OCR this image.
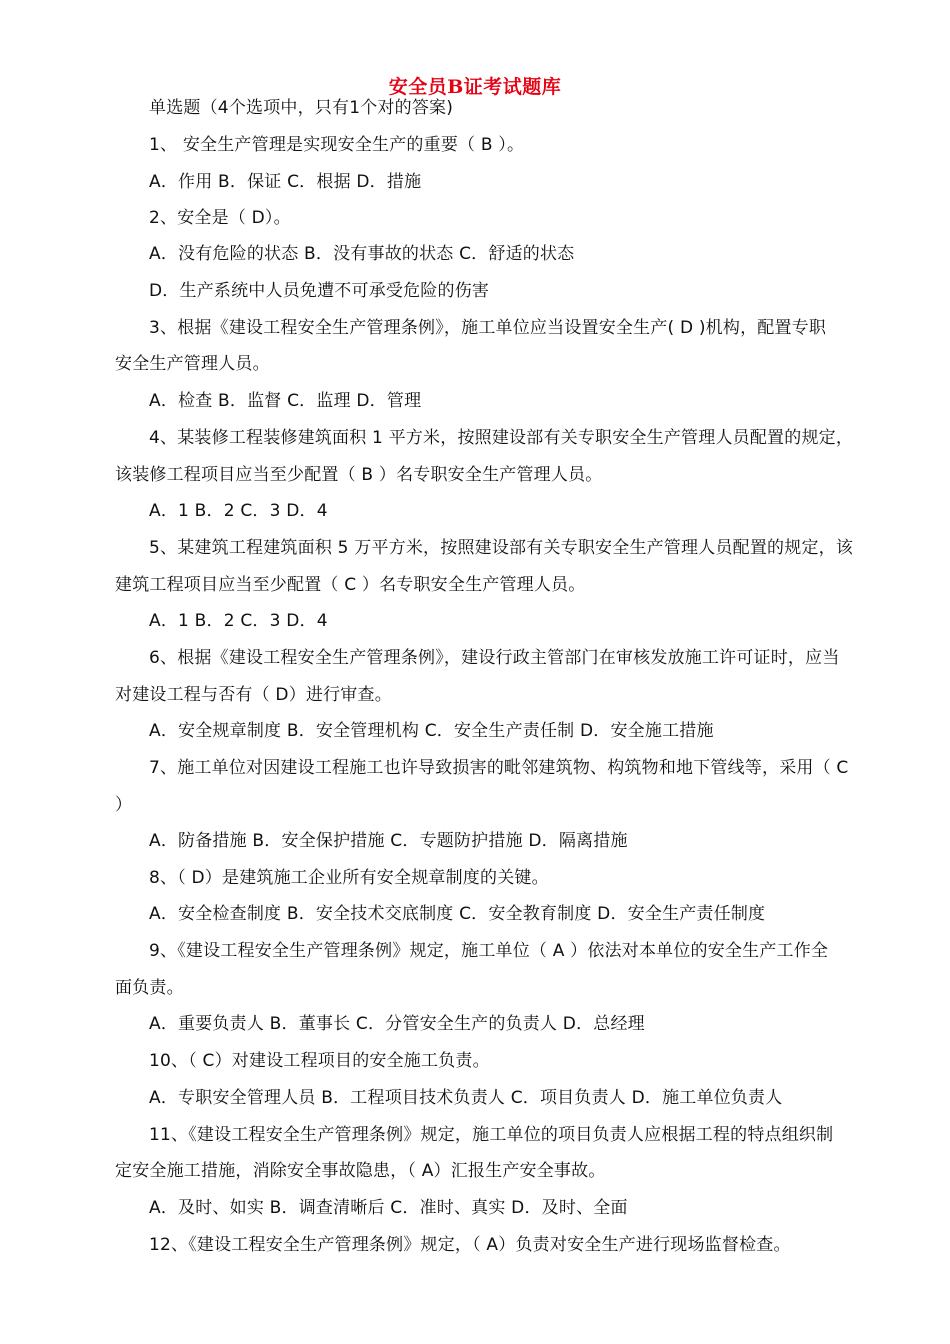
安全员B证考试题库
单选题（4个选项中，只有1个对的答案)
1、 安全生产管理是实现安全生产的重要（ B ）。
A．作用 B．保证 C．根据 D．措施
2、安全是（ D）。
A．没有危险的状态 B．没有事故的状态 C．舒适的状态
D．生产系统中人员免遭不可承受危险的伤害
3、根据《建设工程安全生产管理条例》，施工单位应当设置安全生产( D )机构，配置专职
安全生产管理人员。
A．检查 B．监督 C．监理 D．管理
4、某装修工程装修建筑面积 1 平方米，按照建设部有关专职安全生产管理人员配置的规定，
该装修工程项目应当至少配置（ B ）名专职安全生产管理人员。
A．1 B．2 C．3 D．4
5、某建筑工程建筑面积 5 万平方米，按照建设部有关专职安全生产管理人员配置的规定，该
建筑工程项目应当至少配置（ C ）名专职安全生产管理人员。
A．1 B．2 C．3 D．4
6、根据《建设工程安全生产管理条例》，建设行政主管部门在审核发放施工许可证时，应当
对建设工程与否有（ D）进行审查。
A．安全规章制度 B．安全管理机构 C．安全生产责任制 D．安全施工措施
7、施工单位对因建设工程施工也许导致损害的毗邻建筑物、构筑物和地下管线等，采用（ C
）
A．防备措施 B．安全保护措施 C．专题防护措施 D．隔离措施
8、（ D）是建筑施工企业所有安全规章制度的关键。
A．安全检查制度 B．安全技术交底制度 C．安全教育制度 D．安全生产责任制度
9、《建设工程安全生产管理条例》规定，施工单位（ A ）依法对本单位的安全生产工作全
面负责。
A．重要负责人 B．董事长 C．分管安全生产的负责人 D．总经理
10、（ C）对建设工程项目的安全施工负责。
A．专职安全管理人员 B．工程项目技术负责人 C．项目负责人 D．施工单位负责人
11、《建设工程安全生产管理条例》规定，施工单位的项目负责人应根据工程的特点组织制
定安全施工措施，消除安全事故隐患，（ A）汇报生产安全事故。
A．及时、如实 B．调查清晰后 C．准时、真实 D．及时、全面
12、《建设工程安全生产管理条例》规定，（ A）负责对安全生产进行现场监督检查。
